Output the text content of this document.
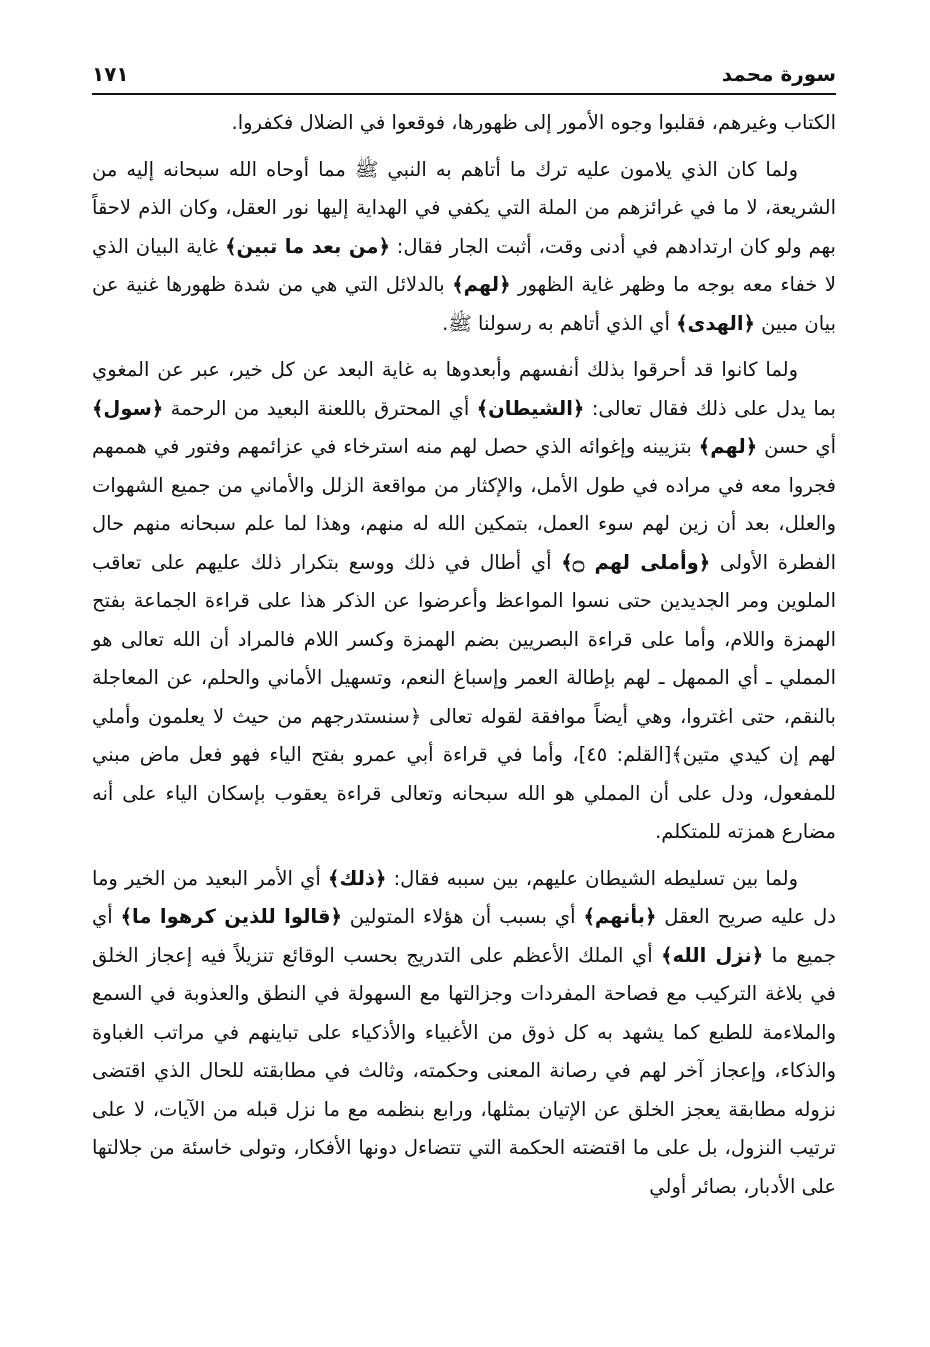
سورة محمد
١٧١

الكتاب وغيرهم، فقلبوا وجوه الأمور إلى ظهورها، فوقعوا في الضلال فكفروا.

ولما كان الذي يلامون عليه ترك ما أتاهم به النبي ﷺ مما أوحاه الله سبحانه إليه من الشريعة، لا ما في غرائزهم من الملة التي يكفي في الهداية إليها نور العقل، وكان الذم لاحقاً بهم ولو كان ارتدادهم في أدنى وقت، أثبت الجار فقال: ﴿من بعد ما تبين﴾ غاية البيان الذي لا خفاء معه بوجه ما وظهر غاية الظهور ﴿لهم﴾ بالدلائل التي هي من شدة ظهورها غنية عن بيان مبين ﴿الهدى﴾ أي الذي أتاهم به رسولنا ﷺ.

ولما كانوا قد أحرقوا بذلك أنفسهم وأبعدوها به غاية البعد عن كل خير، عبر عن المغوي بما يدل على ذلك فقال تعالى: ﴿الشيطان﴾ أي المحترق باللعنة البعيد من الرحمة ﴿سول﴾ أي حسن ﴿لهم﴾ بتزيينه وإغوائه الذي حصل لهم منه استرخاء في عزائمهم وفتور في هممهم فجروا معه في مراده في طول الأمل، والإكثار من مواقعة الزلل والأماني من جميع الشهوات والعلل، بعد أن زين لهم سوء العمل، بتمكين الله له منهم، وهذا لما علم سبحانه منهم حال الفطرة الأولى ﴿وأملى لهم ۝﴾ أي أطال في ذلك ووسع بتكرار ذلك عليهم على تعاقب الملوين ومر الجديدين حتى نسوا المواعظ وأعرضوا عن الذكر هذا على قراءة الجماعة بفتح الهمزة واللام، وأما على قراءة البصريين بضم الهمزة وكسر اللام فالمراد أن الله تعالى هو المملي ـ أي الممهل ـ لهم بإطالة العمر وإسباغ النعم، وتسهيل الأماني والحلم، عن المعاجلة بالنقم، حتى اغتروا، وهي أيضاً موافقة لقوله تعالى ﴿سنستدرجهم من حيث لا يعلمون وأملي لهم إن كيدي متين﴾[القلم: ٤٥]، وأما في قراءة أبي عمرو بفتح الياء فهو فعل ماض مبني للمفعول، ودل على أن المملي هو الله سبحانه وتعالى قراءة يعقوب بإسكان الياء على أنه مضارع همزته للمتكلم.

ولما بين تسليطه الشيطان عليهم، بين سببه فقال: ﴿ذلك﴾ أي الأمر البعيد من الخير وما دل عليه صريح العقل ﴿بأنهم﴾ أي بسبب أن هؤلاء المتولين ﴿قالوا للذين كرهوا ما﴾ أي جميع ما ﴿نزل الله﴾ أي الملك الأعظم على التدريج بحسب الوقائع تنزيلاً فيه إعجاز الخلق في بلاغة التركيب مع فصاحة المفردات وجزالتها مع السهولة في النطق والعذوبة في السمع والملاءمة للطبع كما يشهد به كل ذوق من الأغبياء والأذكياء على تباينهم في مراتب الغباوة والذكاء، وإعجاز آخر لهم في رصانة المعنى وحكمته، وثالث في مطابقته للحال الذي اقتضى نزوله مطابقة يعجز الخلق عن الإتيان بمثلها، ورابع بنظمه مع ما نزل قبله من الآيات، لا على ترتيب النزول، بل على ما اقتضته الحكمة التي تتضاءل دونها الأفكار، وتولى خاسئة من جلالتها على الأدبار، بصائر أولي
